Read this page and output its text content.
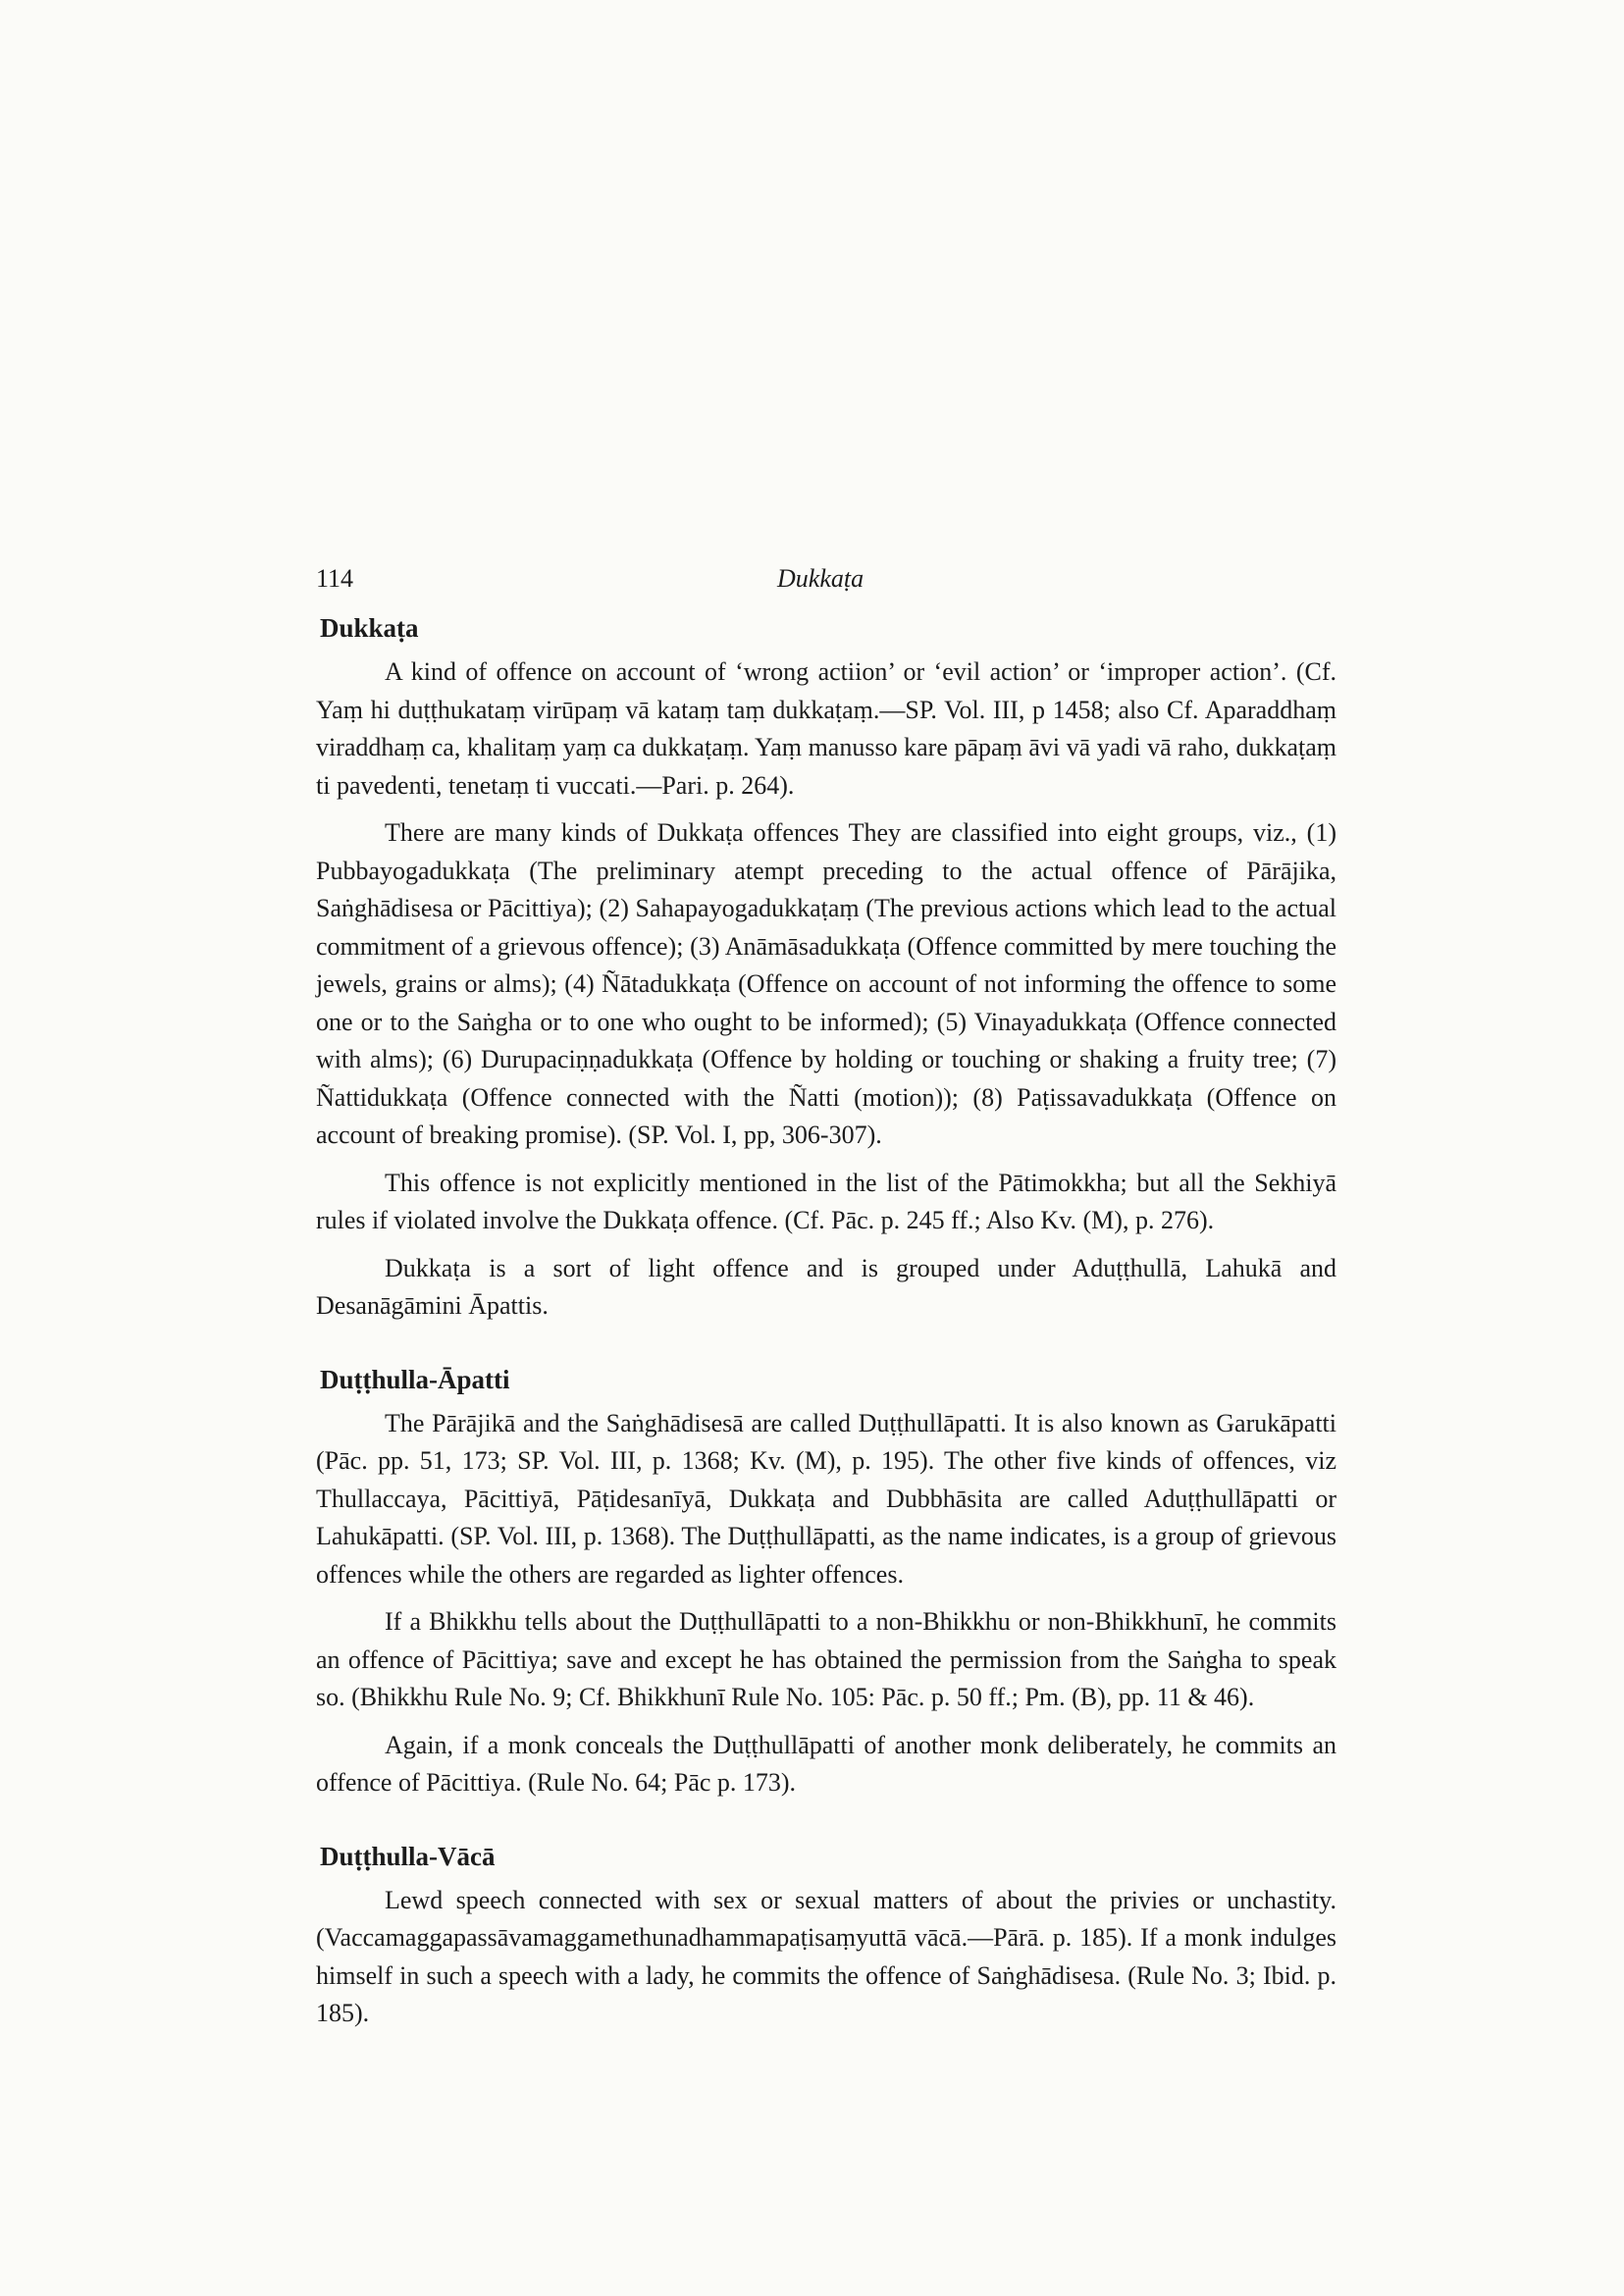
114	Dukkaṭa
Dukkaṭa

A kind of offence on account of ‘wrong actiion’ or ‘evil action’ or ‘improper action’. (Cf. Yaṃ hi duṭṭhukataṃ virūpaṃ vā kataṃ taṃ dukkaṭaṃ.—SP. Vol. III, p 1458; also Cf. Aparaddhaṃ viraddhaṃ ca, khalitaṃ yaṃ ca dukkaṭaṃ. Yaṃ manusso kare pāpaṃ āvi vā yadi vā raho, dukkaṭaṃ ti pavedenti, tenetaṃ ti vuccati.—Pari. p. 264).

There are many kinds of Dukkaṭa offences They are classified into eight groups, viz., (1) Pubbayogadukkaṭa (The preliminary atempt preceding to the actual offence of Pārājika, Saṅghādisesa or Pācittiya); (2) Sahapayogadukkaṭaṃ (The previous actions which lead to the actual commitment of a grievous offence); (3) Anāmāsadukkaṭa (Offence committed by mere touching the jewels, grains or alms); (4) Ñātadukkaṭa (Offence on account of not informing the offence to some one or to the Saṅgha or to one who ought to be informed); (5) Vinayadukkaṭa (Offence connected with alms); (6) Durupaciṇṇadukkaṭa (Offence by holding or touching or shaking a fruity tree; (7) Ñattidukkaṭa (Offence connected with the Ñatti (motion)); (8) Paṭissavadukkaṭa (Offence on account of breaking promise). (SP. Vol. I, pp, 306-307).

This offence is not explicitly mentioned in the list of the Pātimokkha; but all the Sekhiyā rules if violated involve the Dukkaṭa offence. (Cf. Pāc. p. 245 ff.; Also Kv. (M), p. 276).

Dukkaṭa is a sort of light offence and is grouped under Aduṭṭhullā, Lahukā and Desanāgāmini Āpattis.

Duṭṭhulla-Āpatti

The Pārājikā and the Saṅghādisesā are called Duṭṭhullāpatti. It is also known as Garukāpatti (Pāc. pp. 51, 173; SP. Vol. III, p. 1368; Kv. (M), p. 195). The other five kinds of offences, viz Thullaccaya, Pācittiyā, Pāṭidesanīyā, Dukkaṭa and Dubbhāsita are called Aduṭṭhullāpatti or Lahukāpatti. (SP. Vol. III, p. 1368). The Duṭṭhullāpatti, as the name indicates, is a group of grievous offences while the others are regarded as lighter offences.

If a Bhikkhu tells about the Duṭṭhullāpatti to a non-Bhikkhu or non-Bhikkhunī, he commits an offence of Pācittiya; save and except he has obtained the permission from the Saṅgha to speak so. (Bhikkhu Rule No. 9; Cf. Bhikkhunī Rule No. 105: Pāc. p. 50 ff.; Pm. (B), pp. 11 & 46).

Again, if a monk conceals the Duṭṭhullāpatti of another monk deliberately, he commits an offence of Pācittiya. (Rule No. 64; Pāc p. 173).

Duṭṭhulla-Vācā

Lewd speech connected with sex or sexual matters of about the privies or unchastity. (Vaccamaggapassāvamaggamethunadhammapaṭisaṃyuttā vācā.—Pārā. p. 185). If a monk indulges himself in such a speech with a lady, he commits the offence of Saṅghādisesa. (Rule No. 3; Ibid. p. 185).
